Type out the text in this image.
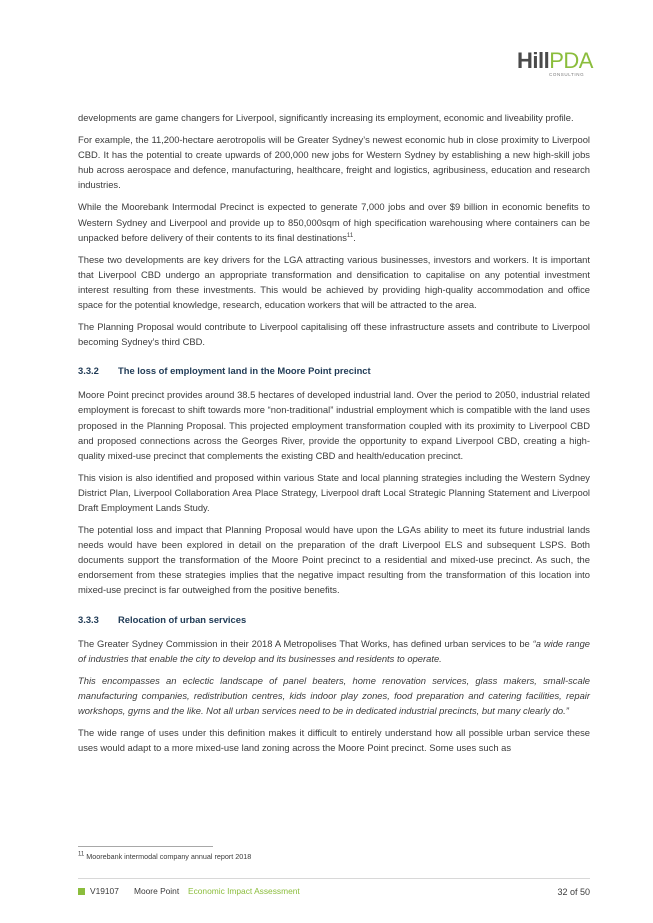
HillPDA
CONSULTING

developments are game changers for Liverpool, significantly increasing its employment, economic and liveability profile.

For example, the 11,200-hectare aerotropolis will be Greater Sydney’s newest economic hub in close proximity to Liverpool CBD. It has the potential to create upwards of 200,000 new jobs for Western Sydney by establishing a new high-skill jobs hub across aerospace and defence, manufacturing, healthcare, freight and logistics, agribusiness, education and research industries.

While the Moorebank Intermodal Precinct is expected to generate 7,000 jobs and over $9 billion in economic benefits to Western Sydney and Liverpool and provide up to 850,000sqm of high specification warehousing where containers can be unpacked before delivery of their contents to its final destinations$^{11}$.

These two developments are key drivers for the LGA attracting various businesses, investors and workers. It is important that Liverpool CBD undergo an appropriate transformation and densification to capitalise on any potential investment interest resulting from these investments. This would be achieved by providing high-quality accommodation and office space for the potential knowledge, research, education workers that will be attracted to the area.

The Planning Proposal would contribute to Liverpool capitalising off these infrastructure assets and contribute to Liverpool becoming Sydney’s third CBD.

3.3.2 The loss of employment land in the Moore Point precinct

Moore Point precinct provides around 38.5 hectares of developed industrial land. Over the period to 2050, industrial related employment is forecast to shift towards more “non-traditional” industrial employment which is compatible with the land uses proposed in the Planning Proposal. This projected employment transformation coupled with its proximity to Liverpool CBD and proposed connections across the Georges River, provide the opportunity to expand Liverpool CBD, creating a high-quality mixed-use precinct that complements the existing CBD and health/education precinct.

This vision is also identified and proposed within various State and local planning strategies including the Western Sydney District Plan, Liverpool Collaboration Area Place Strategy, Liverpool draft Local Strategic Planning Statement and Liverpool Draft Employment Lands Study.

The potential loss and impact that Planning Proposal would have upon the LGAs ability to meet its future industrial lands needs would have been explored in detail on the preparation of the draft Liverpool ELS and subsequent LSPS. Both documents support the transformation of the Moore Point precinct to a residential and mixed-use precinct. As such, the endorsement from these strategies implies that the negative impact resulting from the transformation of this location into mixed-use precinct is far outweighed from the positive benefits.

3.3.3 Relocation of urban services

The Greater Sydney Commission in their 2018 A Metropolises That Works, has defined urban services to be “a wide range of industries that enable the city to develop and its businesses and residents to operate.

This encompasses an eclectic landscape of panel beaters, home renovation services, glass makers, small-scale manufacturing companies, redistribution centres, kids indoor play zones, food preparation and catering facilities, repair workshops, gyms and the like. Not all urban services need to be in dedicated industrial precincts, but many clearly do.”

The wide range of uses under this definition makes it difficult to entirely understand how all possible urban service these uses would adapt to a more mixed-use land zoning across the Moore Point precinct. Some uses such as

$^{11}$ Moorebank intermodal company annual report 2018
V19107 Moore Point Economic Impact Assessment	32 of 50
